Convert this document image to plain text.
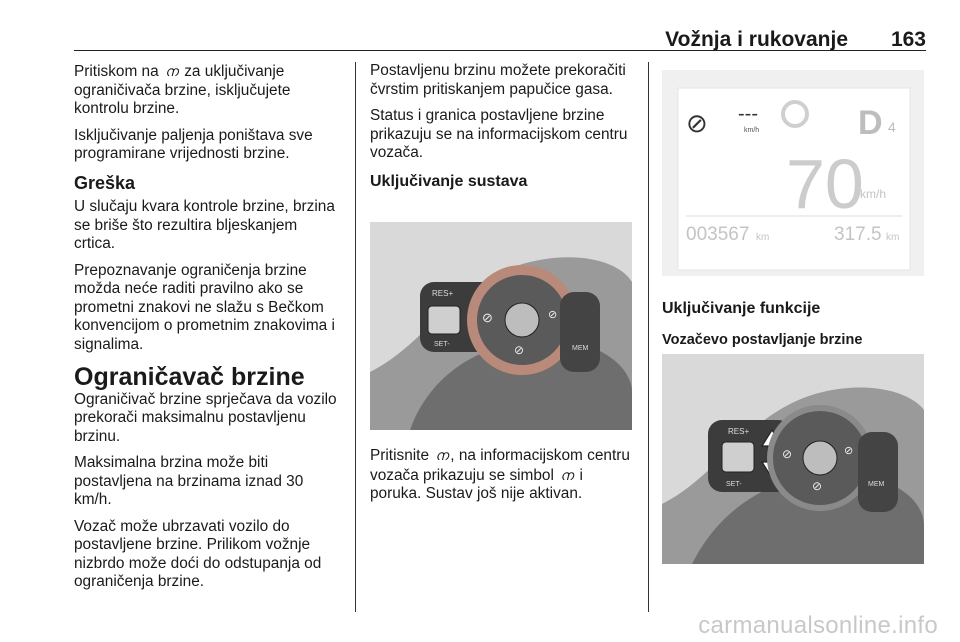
Vožnja i rukovanje 163

Pritiskom na ന za uključivanje ograničivača brzine, isključujete kontrolu brzine.

Isključivanje paljenja poništava sve programirane vrijednosti brzine.

Greška

U slučaju kvara kontrole brzine, brzina se briše što rezultira bljeskanjem crtica.

Prepoznavanje ograničenja brzine možda neće raditi pravilno ako se prometni znakovi ne slažu s Bečkom konvencijom o prometnim znakovima i signalima.

Ograničavač brzine

Ograničivač brzine sprječava da vozilo prekorači maksimalnu postavljenu brzinu.

Maksimalna brzina može biti postavljena na brzinama iznad 30 km/h.

Vozač može ubrzavati vozilo do postavljene brzine. Prilikom vožnje nizbrdo može doći do odstupanja od ograničenja brzine.

Postavljenu brzinu možete prekoračiti čvrstim pritiskanjem papučice gasa.

Status i granica postavljene brzine prikazuju se na informacijskom centru vozača.

Uključivanje sustava
RES+
SET-
MEM
⊘	⊘
⊘

Pritisnite ന , na informacijskom centru vozača prikazuju se simbol ന i poruka. Sustav još nije aktivan.

⊘ ---
km/h	D 4
70
km/h
003567 km	317.5 km
Uključivanje funkcije
Vozačevo postavljanje brzine
RES+
SET-	MEM
⊘	⊘
⊘
carmanualsonline.info
